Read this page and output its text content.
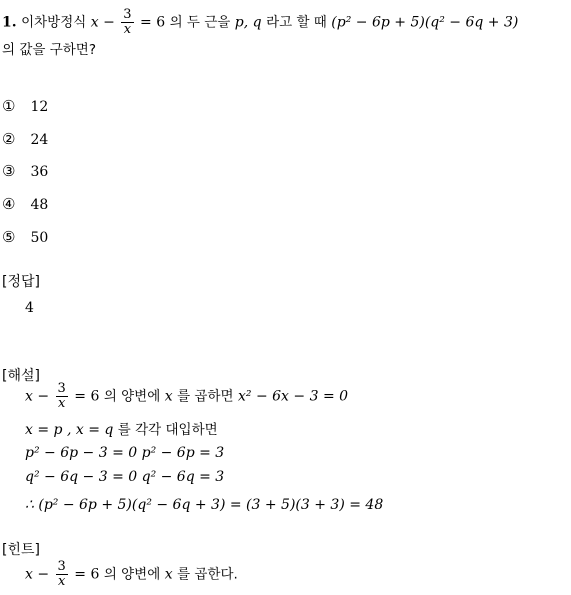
1. 이차방정식 $x - \frac{3}{x} = 6$ 의 두 근을 p, q 라고 할 때 (p² − 6p + 5)(q² − 6q + 3)
의 값을 구하면?
① 12
② 24
③ 36
④ 48
⑤ 50
[정답]
4
[해설]
$x - \frac{3}{x} = 6$ 의 양변에 x 를 곱하면 x² − 6x − 3 = 0
x = p , x = q 를 각각 대입하면
p² − 6p − 3 = 0 p² − 6p = 3
q² − 6q − 3 = 0 q² − 6q = 3
∴ (p² − 6p + 5)(q² − 6q + 3) = (3 + 5)(3 + 3) = 48
[힌트]
$x - \frac{3}{x} = 6$ 의 양변에 x 를 곱한다.
